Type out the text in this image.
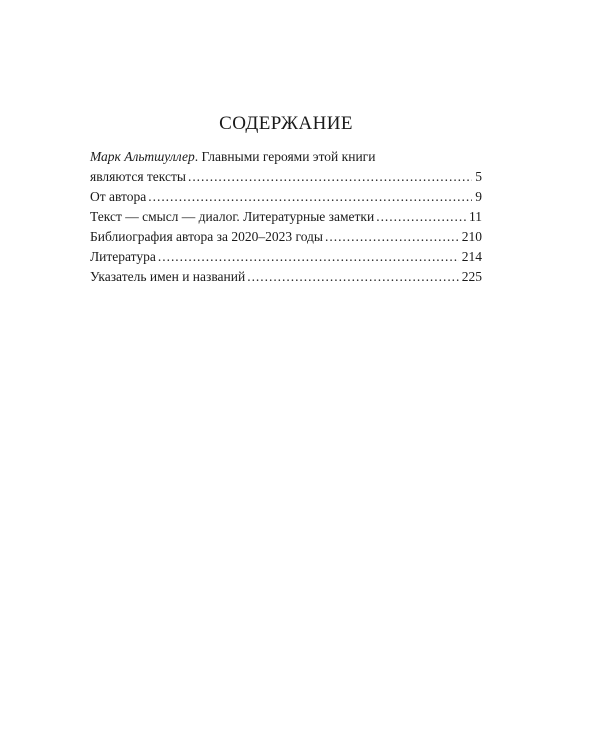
СОДЕРЖАНИЕ
Марк Альтшуллер. Главными героями этой книги
являются тексты . . .	5
От автора . . .	9
Текст — смысл — диалог. Литературные заметки . . .	11
Библиография автора за 2020–2023 годы . . .	210
Литература . . .	214
Указатель имен и названий . . .	225
